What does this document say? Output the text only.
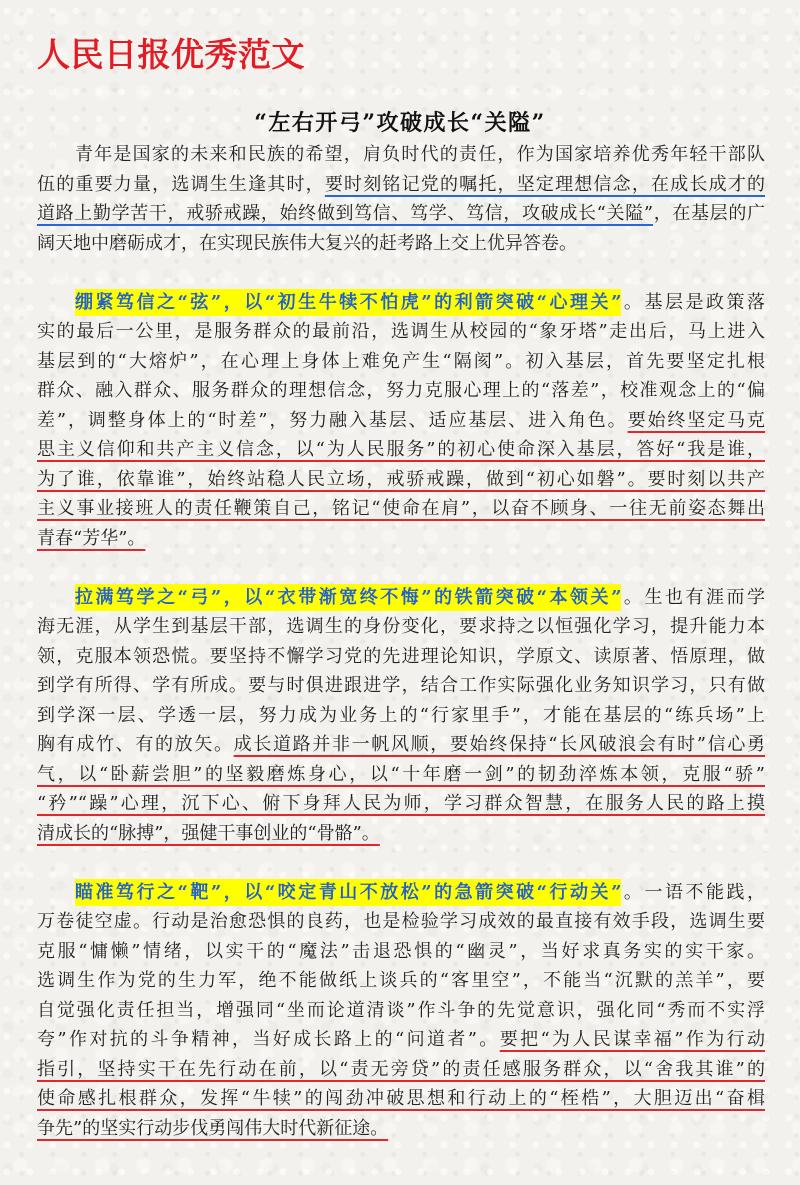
人民日报优秀范文
“左右开弓”攻破成长“关隘”
青年是国家的未来和民族的希望，肩负时代的责任，作为国家培养优秀年轻干部队
伍的重要力量，选调生生逢其时，要时刻铭记党的嘱托，坚定理想信念，在成长成才的
道路上勤学苦干，戒骄戒躁，始终做到笃信、笃学、笃信，攻破成长“关隘”，在基层的广
阔天地中磨砺成才，在实现民族伟大复兴的赶考路上交上优异答卷。
绷紧笃信之“弦”，以“初生牛犊不怕虎”的利箭突破“心理关”。基层是政策落
实的最后一公里，是服务群众的最前沿，选调生从校园的“象牙塔”走出后，马上进入
基层到的“大熔炉”，在心理上身体上难免产生“隔阂”。初入基层，首先要坚定扎根
群众、融入群众、服务群众的理想信念，努力克服心理上的“落差”，校准观念上的“偏
差”，调整身体上的“时差”，努力融入基层、适应基层、进入角色。要始终坚定马克
思主义信仰和共产主义信念，以“为人民服务”的初心使命深入基层，答好“我是谁，
为了谁，依靠谁”，始终站稳人民立场，戒骄戒躁，做到“初心如磐”。要时刻以共产
主义事业接班人的责任鞭策自己，铭记“使命在肩”，以奋不顾身、一往无前姿态舞出
青春“芳华”。
拉满笃学之“弓”，以“衣带渐宽终不悔”的铁箭突破“本领关”。生也有涯而学
海无涯，从学生到基层干部，选调生的身份变化，要求持之以恒强化学习，提升能力本
领，克服本领恐慌。要坚持不懈学习党的先进理论知识，学原文、读原著、悟原理，做
到学有所得、学有所成。要与时俱进跟进学，结合工作实际强化业务知识学习，只有做
到学深一层、学透一层，努力成为业务上的“行家里手”，才能在基层的“练兵场”上
胸有成竹、有的放矢。成长道路并非一帆风顺，要始终保持“长风破浪会有时”信心勇
气，以“卧薪尝胆”的坚毅磨炼身心，以“十年磨一剑”的韧劲淬炼本领，克服“骄”
“矜”“躁”心理，沉下心、俯下身拜人民为师，学习群众智慧，在服务人民的路上摸
清成长的“脉搏”，强健干事创业的“骨骼”。
瞄准笃行之“靶”，以“咬定青山不放松”的急箭突破“行动关”。一语不能践，
万卷徒空虚。行动是治愈恐惧的良药，也是检验学习成效的最直接有效手段，选调生要
克服“慵懒”情绪，以实干的“魔法”击退恐惧的“幽灵”，当好求真务实的实干家。
选调生作为党的生力军，绝不能做纸上谈兵的“客里空”，不能当“沉默的羔羊”，要
自觉强化责任担当，增强同“坐而论道清谈”作斗争的先觉意识，强化同“秀而不实浮
夸”作对抗的斗争精神，当好成长路上的“问道者”。要把“为人民谋幸福”作为行动
指引，坚持实干在先行动在前，以“责无旁贷”的责任感服务群众，以“舍我其谁”的
使命感扎根群众，发挥“牛犊”的闯劲冲破思想和行动上的“桎梏”，大胆迈出“奋楫
争先”的坚实行动步伐勇闯伟大时代新征途。
